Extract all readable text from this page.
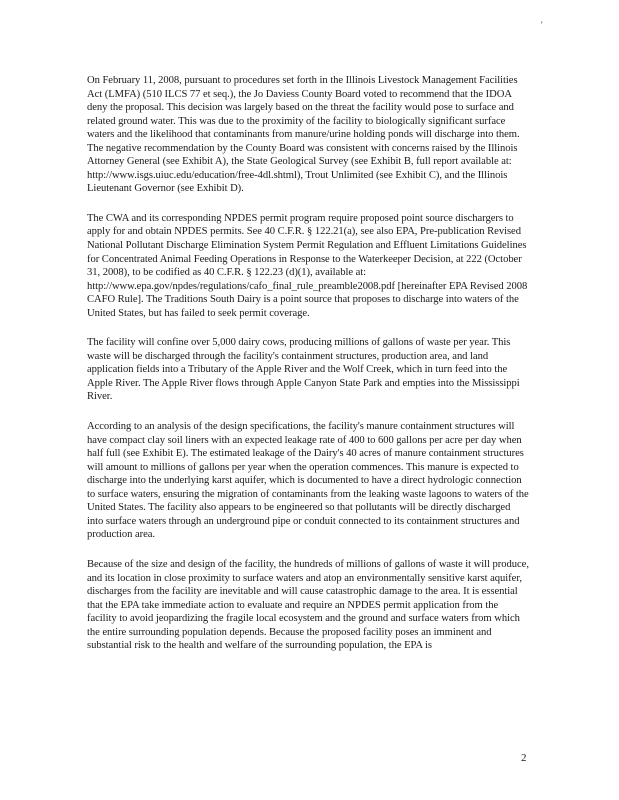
'

On February 11, 2008, pursuant to procedures set forth in the Illinois Livestock Management Facilities Act (LMFA) (510 ILCS 77 et seq.), the Jo Daviess County Board voted to recommend that the IDOA deny the proposal. This decision was largely based on the threat the facility would pose to surface and related ground water. This was due to the proximity of the facility to biologically significant surface waters and the likelihood that contaminants from manure/urine holding ponds will discharge into them. The negative recommendation by the County Board was consistent with concerns raised by the Illinois Attorney General (see Exhibit A), the State Geological Survey (see Exhibit B, full report available at: http://www.isgs.uiuc.edu/education/free-4dl.shtml), Trout Unlimited (see Exhibit C), and the Illinois Lieutenant Governor (see Exhibit D).

The CWA and its corresponding NPDES permit program require proposed point source dischargers to apply for and obtain NPDES permits. See 40 C.F.R. § 122.21(a), see also EPA, Pre-publication Revised National Pollutant Discharge Elimination System Permit Regulation and Effluent Limitations Guidelines for Concentrated Animal Feeding Operations in Response to the Waterkeeper Decision, at 222 (October 31, 2008), to be codified as 40 C.F.R. § 122.23 (d)(1), available at: http://www.epa.gov/npdes/regulations/cafo_final_rule_preamble2008.pdf [hereinafter EPA Revised 2008 CAFO Rule]. The Traditions South Dairy is a point source that proposes to discharge into waters of the United States, but has failed to seek permit coverage.

The facility will confine over 5,000 dairy cows, producing millions of gallons of waste per year. This waste will be discharged through the facility's containment structures, production area, and land application fields into a Tributary of the Apple River and the Wolf Creek, which in turn feed into the Apple River. The Apple River flows through Apple Canyon State Park and empties into the Mississippi River.

According to an analysis of the design specifications, the facility's manure containment structures will have compact clay soil liners with an expected leakage rate of 400 to 600 gallons per acre per day when half full (see Exhibit E). The estimated leakage of the Dairy's 40 acres of manure containment structures will amount to millions of gallons per year when the operation commences. This manure is expected to discharge into the underlying karst aquifer, which is documented to have a direct hydrologic connection to surface waters, ensuring the migration of contaminants from the leaking waste lagoons to waters of the United States. The facility also appears to be engineered so that pollutants will be directly discharged into surface waters through an underground pipe or conduit connected to its containment structures and production area.

Because of the size and design of the facility, the hundreds of millions of gallons of waste it will produce, and its location in close proximity to surface waters and atop an environmentally sensitive karst aquifer, discharges from the facility are inevitable and will cause catastrophic damage to the area. It is essential that the EPA take immediate action to evaluate and require an NPDES permit application from the facility to avoid jeopardizing the fragile local ecosystem and the ground and surface waters from which the entire surrounding population depends. Because the proposed facility poses an imminent and substantial risk to the health and welfare of the surrounding population, the EPA is

2
